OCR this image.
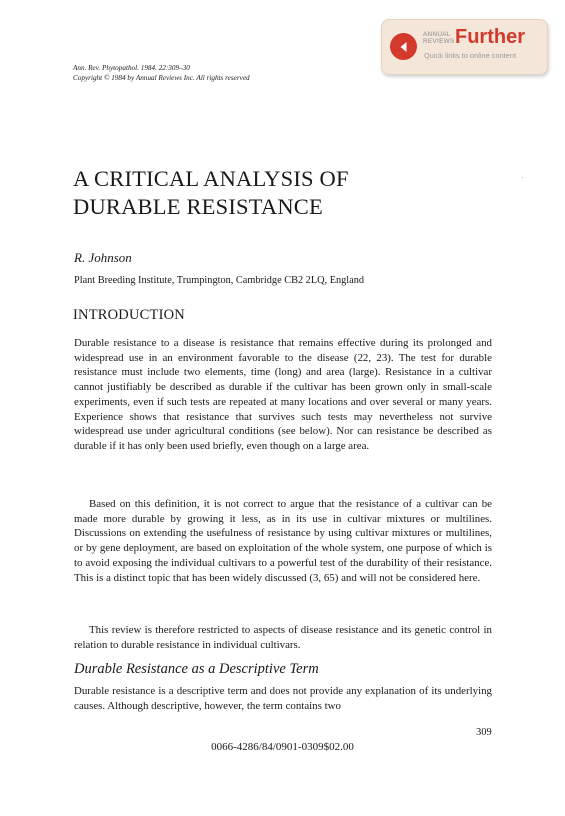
Ann. Rev. Phytopathol. 1984. 22:309–30
Copyright © 1984 by Annual Reviews Inc. All rights reserved
ANNUAL
REVIEWS Further
Quick links to online content
A CRITICAL ANALYSIS OF
DURABLE RESISTANCE
R. Johnson
Plant Breeding Institute, Trumpington, Cambridge CB2 2LQ, England
INTRODUCTION

Durable resistance to a disease is resistance that remains effective during its prolonged and widespread use in an environment favorable to the disease (22, 23). The test for durable resistance must include two elements, time (long) and area (large). Resistance in a cultivar cannot justifiably be described as durable if the cultivar has been grown only in small-scale experiments, even if such tests are repeated at many locations and over several or many years. Experience shows that resistance that survives such tests may nevertheless not survive widespread use under agricultural conditions (see below). Nor can resistance be described as durable if it has only been used briefly, even though on a large area.

Based on this definition, it is not correct to argue that the resistance of a cultivar can be made more durable by growing it less, as in its use in cultivar mixtures or multilines. Discussions on extending the usefulness of resistance by using cultivar mixtures or multilines, or by gene deployment, are based on exploitation of the whole system, one purpose of which is to avoid exposing the individual cultivars to a powerful test of the durability of their resistance. This is a distinct topic that has been widely discussed (3, 65) and will not be considered here.

This review is therefore restricted to aspects of disease resistance and its genetic control in relation to durable resistance in individual cultivars.

Durable Resistance as a Descriptive Term

Durable resistance is a descriptive term and does not provide any explanation of its underlying causes. Although descriptive, however, the term contains two

309
0066-4286/84/0901-0309$02.00
